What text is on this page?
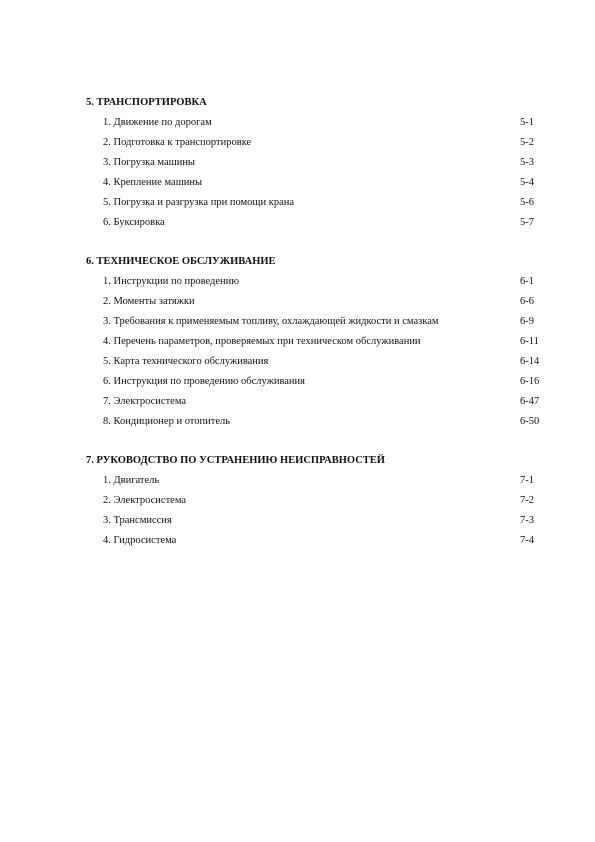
5. ТРАНСПОРТИРОВКА
1. Движение по дорогам	5-1
2. Подготовка к транспортировке	5-2
3. Погрузка машины	5-3
4. Крепление машины	5-4
5. Погрузка и разгрузка при помощи крана	5-6
6. Буксировка	5-7
6. ТЕХНИЧЕСКОЕ ОБСЛУЖИВАНИЕ
1. Инструкции по проведению	6-1
2. Моменты затяжки	6-6
3. Требования к применяемым топливу, охлаждающей жидкости и смазкам	6-9
4. Перечень параметров, проверяемых при техническом обслуживании	6-11
5. Карта технического обслуживания	6-14
6. Инструкция по проведению обслуживания	6-16
7. Электросистема	6-47
8. Кондиционер и отопитель	6-50
7. РУКОВОДСТВО ПО УСТРАНЕНИЮ НЕИСПРАВНОСТЕЙ
1. Двигатель	7-1
2. Электросистема	7-2
3. Трансмиссия	7-3
4. Гидросистема	7-4
